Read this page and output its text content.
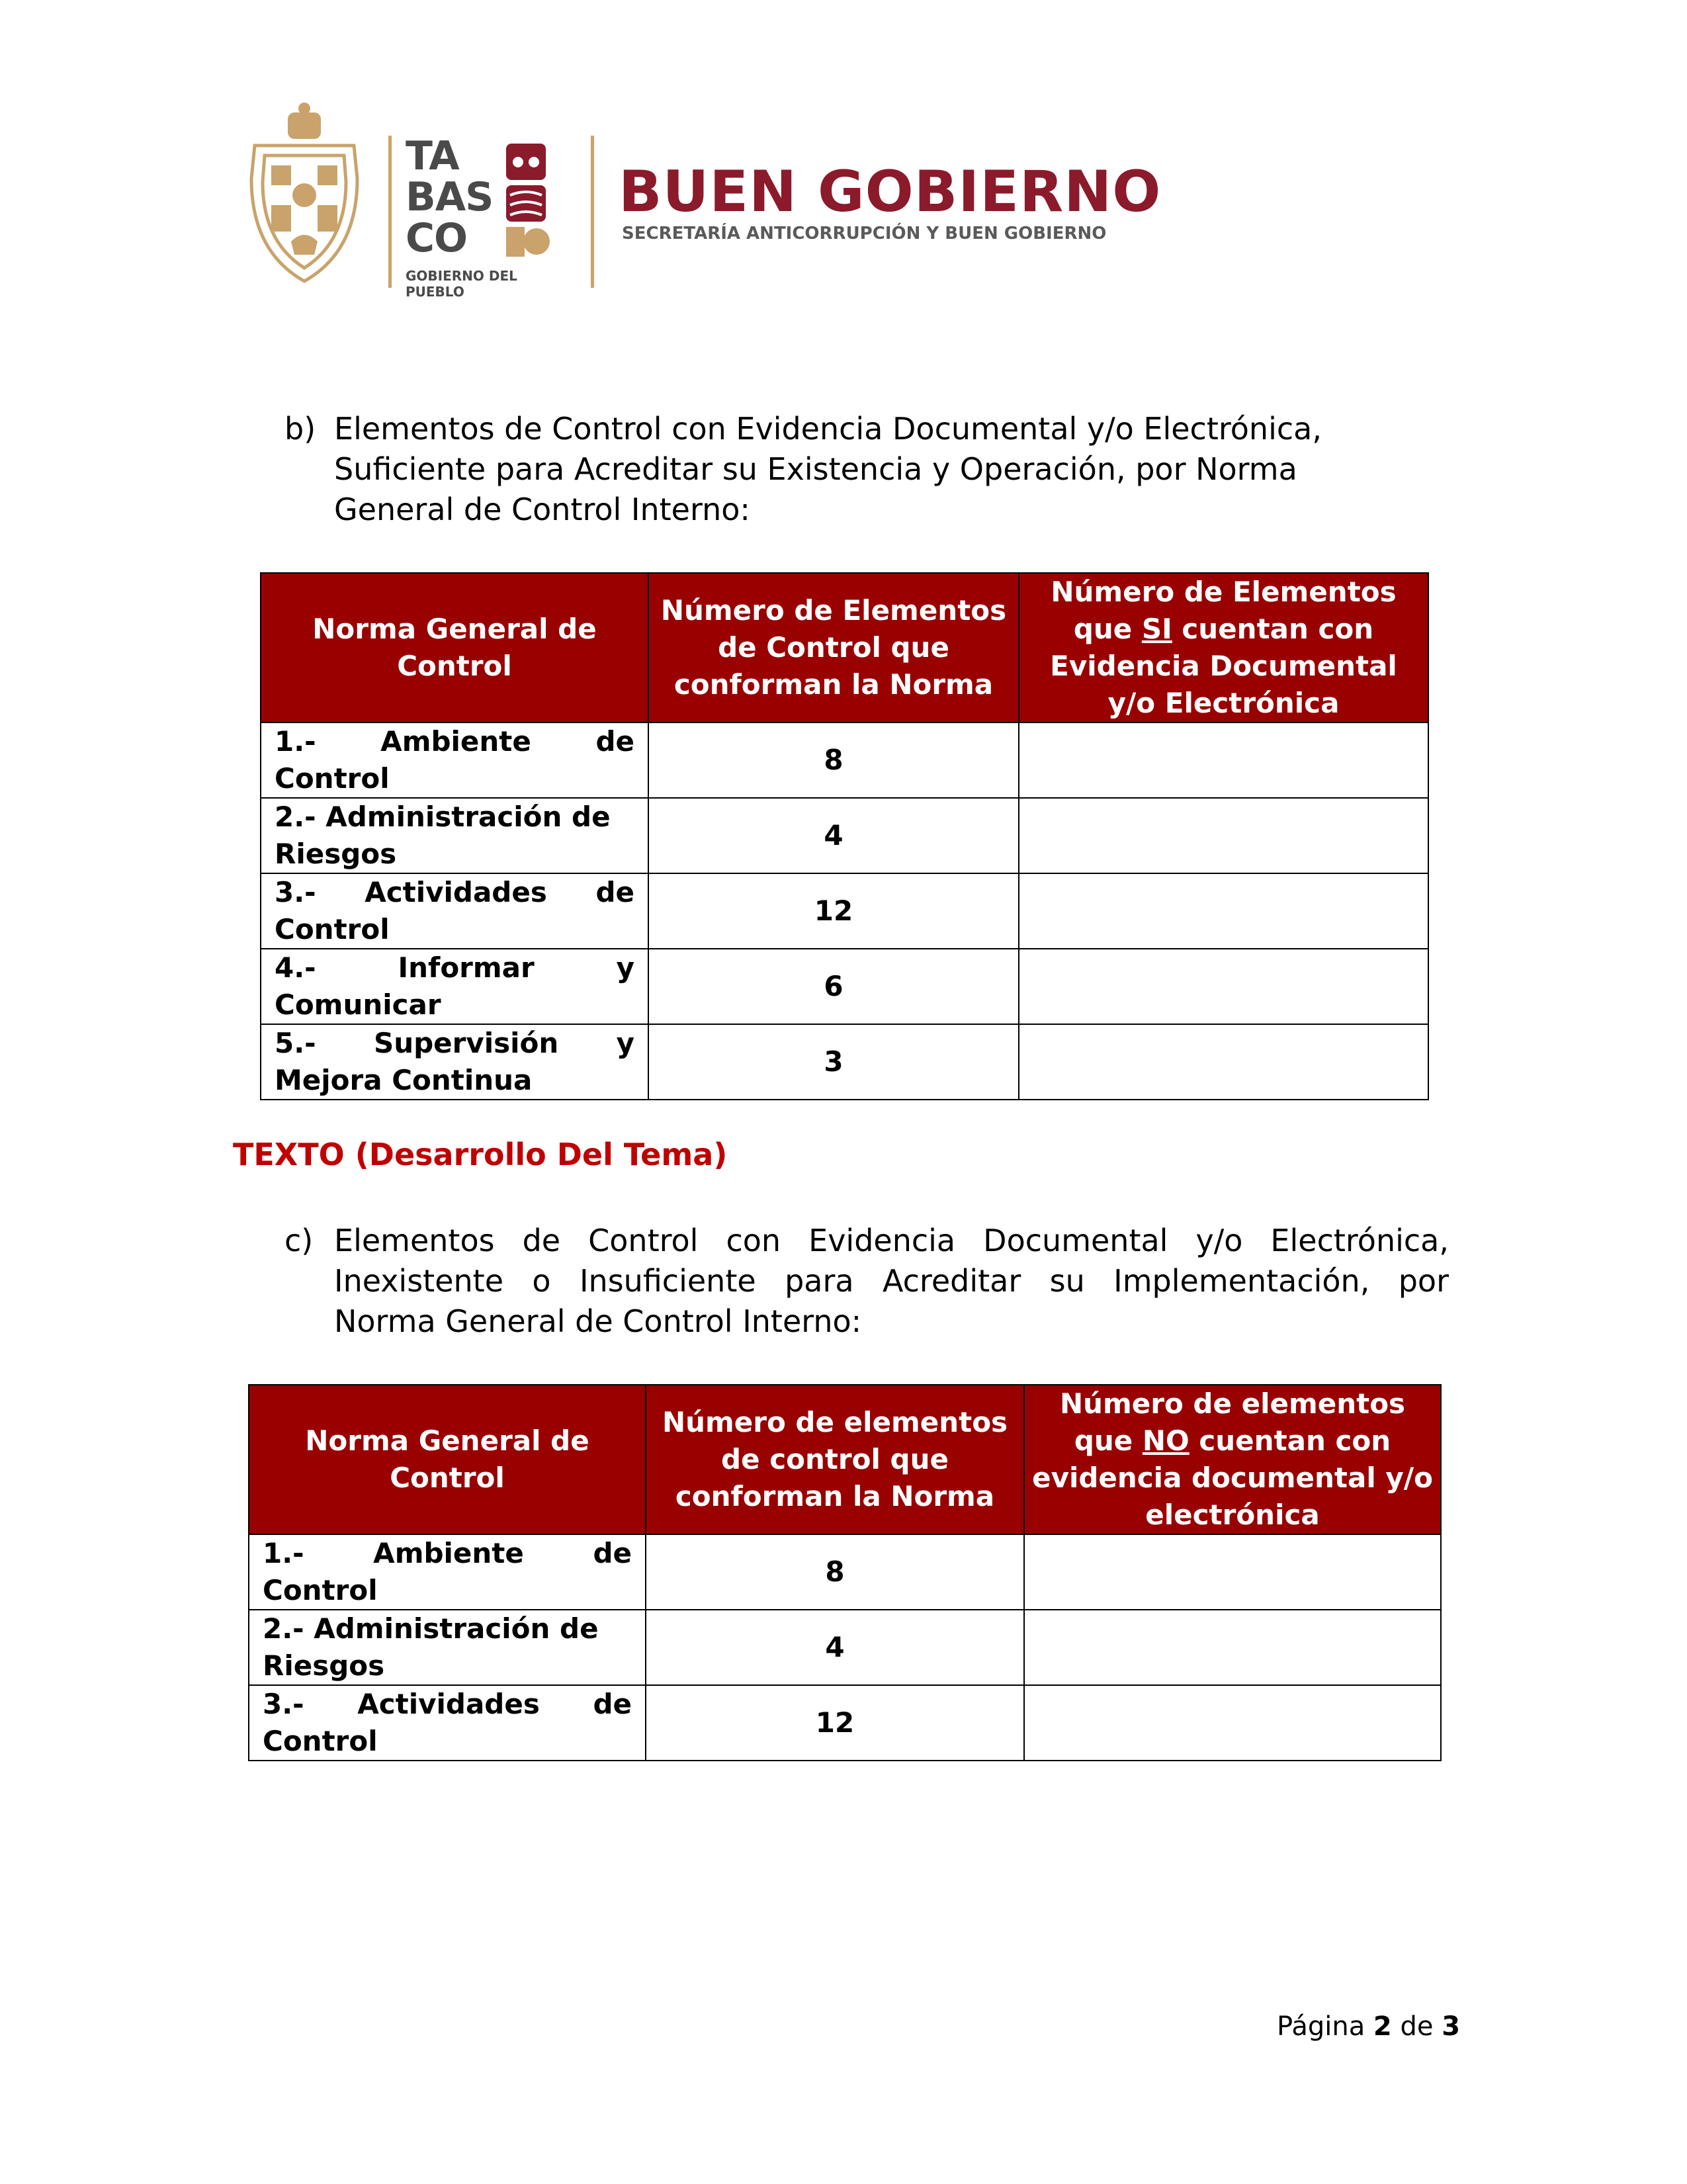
TA
BAS
CO
GOBIERNO DEL PUEBLO
BUEN GOBIERNO
SECRETARÍA ANTICORRUPCIÓN Y BUEN GOBIERNO
b) Elementos de Control con Evidencia Documental y/o Electrónica,
Suficiente para Acreditar su Existencia y Operación, por Norma
General de Control Interno:
Norma General de Control	Número de Elementos de Control que conforman la Norma	Número de Elementos que SI cuentan con Evidencia Documental y/o Electrónica

1.- Ambiente de
Control	8	

2.- Administración de
Riesgos	4	

3.- Actividades de
Control	12	

4.- Informar y
Comunicar	6	

5.- Supervisión y
Mejora Continua	3	
TEXTO (Desarrollo Del Tema)
c) Elementos de Control con Evidencia Documental y/o Electrónica,
Inexistente o Insuficiente para Acreditar su Implementación, por
Norma General de Control Interno:
Norma General de Control	Número de elementos de control que conforman la Norma	Número de elementos que NO cuentan con evidencia documental y/o electrónica

1.- Ambiente de
Control	8	

2.- Administración de
Riesgos	4	

3.- Actividades de
Control	12	
Página 2 de 3
